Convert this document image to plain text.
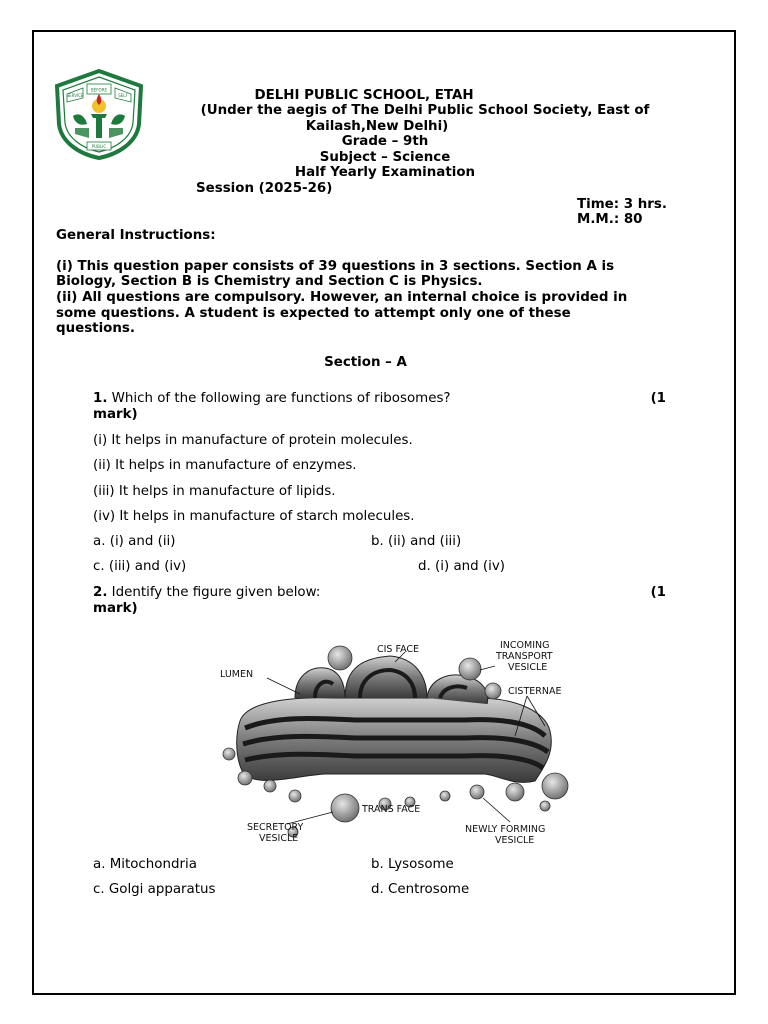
SERVICE
BEFORE
SELF
PUBLIC
DELHI PUBLIC SCHOOL, ETAH
(Under the aegis of The Delhi Public School Society, East of
Kailash,New Delhi)
Grade – 9th
Subject – Science
Half Yearly Examination
Session (2025-26)
Time: 3 hrs.
M.M.: 80
General Instructions:
(i) This question paper consists of 39 questions in 3 sections. Section A is
Biology, Section B is Chemistry and Section C is Physics.
(ii) All questions are compulsory. However, an internal choice is provided in
some questions. A student is expected to attempt only one of these
questions.
Section – A
1. Which of the following are functions of ribosomes?	(1
mark)
(i) It helps in manufacture of protein molecules.
(ii) It helps in manufacture of enzymes.
(iii) It helps in manufacture of lipids.
(iv) It helps in manufacture of starch molecules.
a. (i) and (ii)	b. (ii) and (iii)
c. (iii) and (iv)	d. (i) and (iv)
2. Identify the figure given below:	(1
mark)
CIS FACE	INCOMING
TRANSPORT
VESICLE
LUMEN
CISTERNAE
TRANS FACE
SECRETORY
VESICLE
NEWLY FORMING
VESICLE
a. Mitochondria	b. Lysosome
c. Golgi apparatus	d. Centrosome
